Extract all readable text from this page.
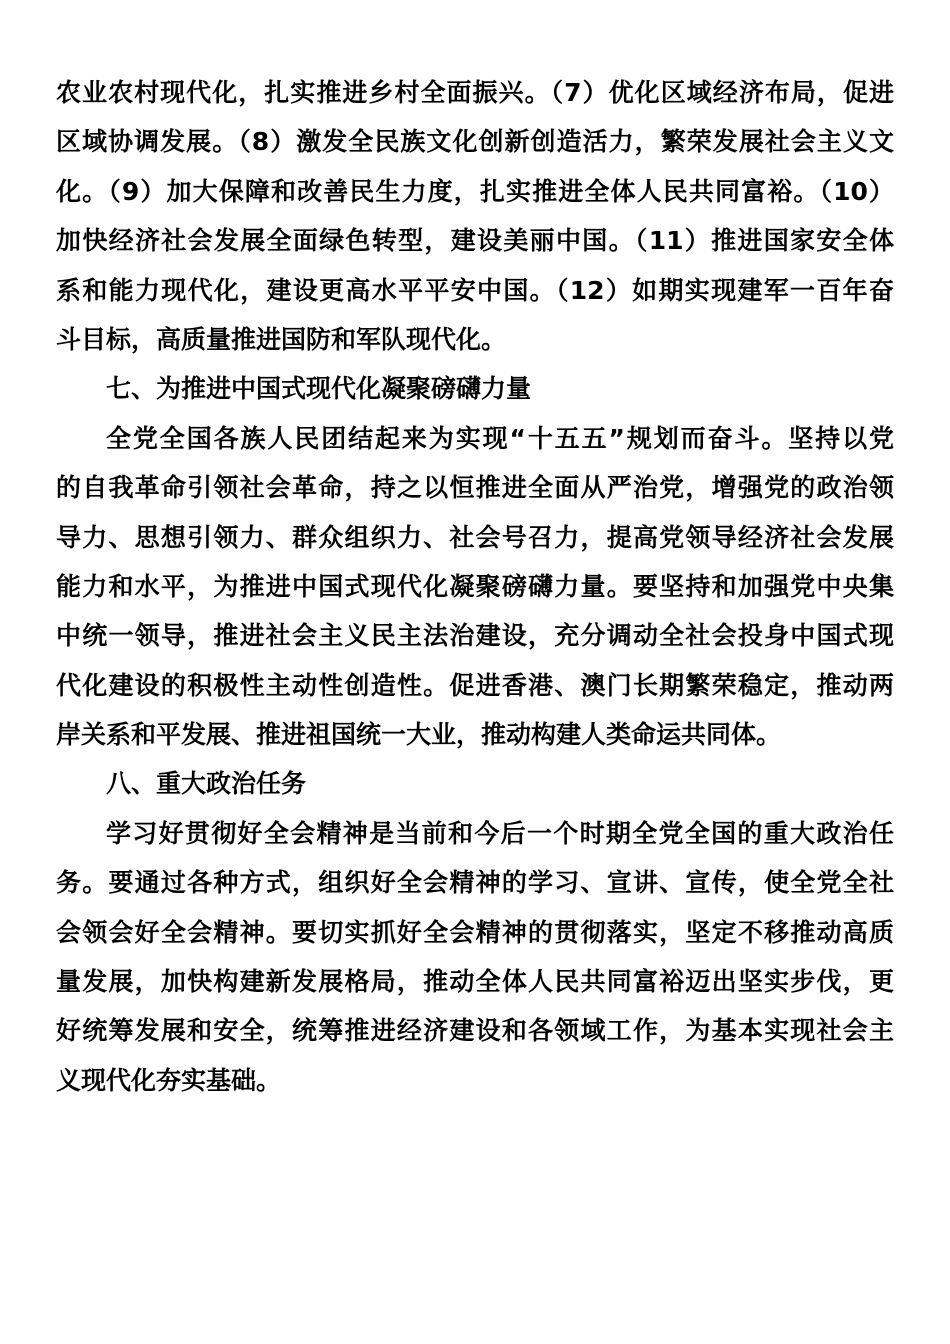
农业农村现代化，扎实推进乡村全面振兴。（7）优化区域经济布局，促进
区域协调发展。（8）激发全民族文化创新创造活力，繁荣发展社会主义文
化。（9）加大保障和改善民生力度，扎实推进全体人民共同富裕。（10）
加快经济社会发展全面绿色转型，建设美丽中国。（11）推进国家安全体
系和能力现代化，建设更高水平平安中国。（12）如期实现建军一百年奋
斗目标，高质量推进国防和军队现代化。
七、为推进中国式现代化凝聚磅礴力量
全党全国各族人民团结起来为实现“十五五”规划而奋斗。坚持以党
的自我革命引领社会革命，持之以恒推进全面从严治党，增强党的政治领
导力、思想引领力、群众组织力、社会号召力，提高党领导经济社会发展
能力和水平，为推进中国式现代化凝聚磅礴力量。要坚持和加强党中央集
中统一领导，推进社会主义民主法治建设，充分调动全社会投身中国式现
代化建设的积极性主动性创造性。促进香港、澳门长期繁荣稳定，推动两
岸关系和平发展、推进祖国统一大业，推动构建人类命运共同体。
八、重大政治任务
学习好贯彻好全会精神是当前和今后一个时期全党全国的重大政治任
务。要通过各种方式，组织好全会精神的学习、宣讲、宣传，使全党全社
会领会好全会精神。要切实抓好全会精神的贯彻落实，坚定不移推动高质
量发展，加快构建新发展格局，推动全体人民共同富裕迈出坚实步伐，更
好统筹发展和安全，统筹推进经济建设和各领域工作，为基本实现社会主
义现代化夯实基础。
